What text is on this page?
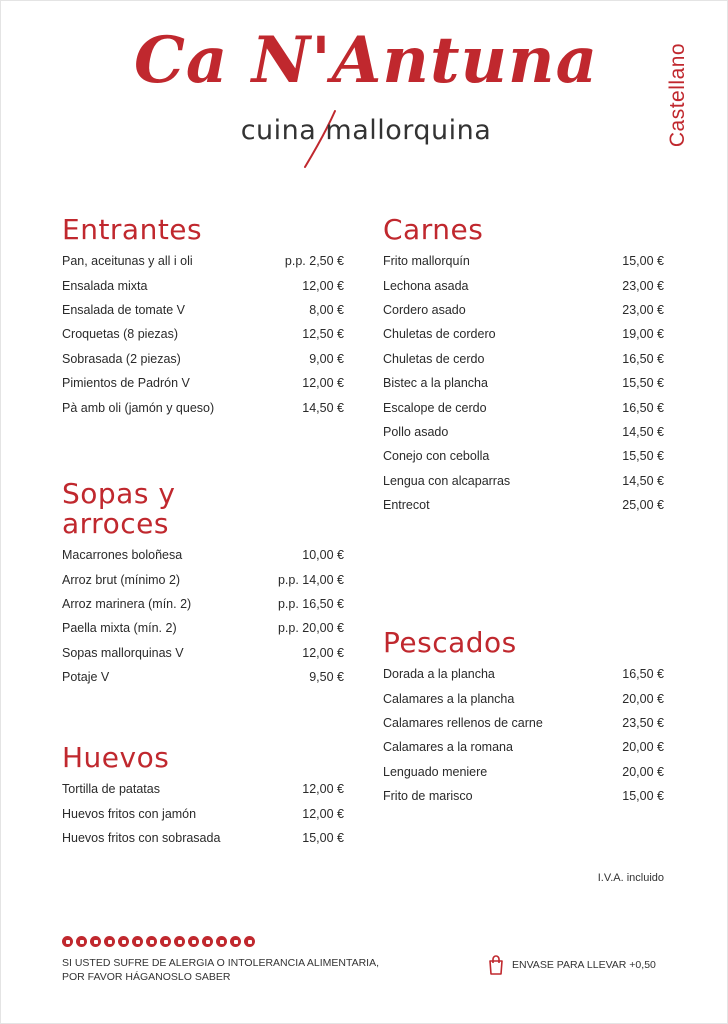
Ca N'Antuna
cuina mallorquina	Castellano
Entrantes
Pan, aceitunas y all i oli	p.p. 2,50 €
Ensalada mixta	12,00 €
Ensalada de tomate V	8,00 €
Croquetas (8 piezas)	12,50 €
Sobrasada (2 piezas)	9,00 €
Pimientos de Padrón V	12,00 €
Pà amb oli (jamón y queso)	14,50 €
Sopas y
arroces
Macarrones boloñesa	10,00 €
Arroz brut (mínimo 2)	p.p. 14,00 €
Arroz marinera (mín. 2)	p.p. 16,50 €
Paella mixta (mín. 2)	p.p. 20,00 €
Sopas mallorquinas V	12,00 €
Potaje V	9,50 €
Huevos
Tortilla de patatas	12,00 €
Huevos fritos con jamón	12,00 €
Huevos fritos con sobrasada	15,00 €
Carnes
Frito mallorquín	15,00 €
Lechona asada	23,00 €
Cordero asado	23,00 €
Chuletas de cordero	19,00 €
Chuletas de cerdo	16,50 €
Bistec a la plancha	15,50 €
Escalope de cerdo	16,50 €
Pollo asado	14,50 €
Conejo con cebolla	15,50 €
Lengua con alcaparras	14,50 €
Entrecot	25,00 €
Pescados
Dorada a la plancha	16,50 €
Calamares a la plancha	20,00 €
Calamares rellenos de carne	23,50 €
Calamares a la romana	20,00 €
Lenguado meniere	20,00 €
Frito de marisco	15,00 €
I.V.A. incluido
SI USTED SUFRE DE ALERGIA O INTOLERANCIA ALIMENTARIA,
POR FAVOR HÁGANOSLO SABER
ENVASE PARA LLEVAR +0,50
